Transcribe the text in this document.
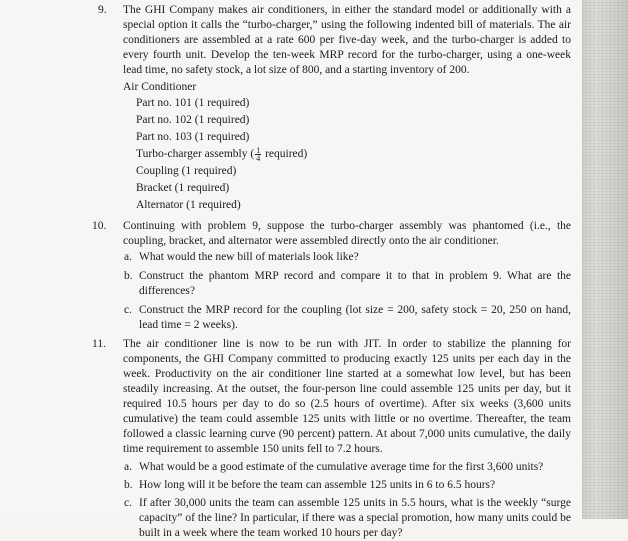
9. The GHI Company makes air conditioners, in either the standard model or additionally with a special option it calls the “turbo-charger,” using the following indented bill of materials. The air conditioners are assembled at a rate 600 per five-day week, and the turbo-charger is added to every fourth unit. Develop the ten-week MRP record for the turbo-charger, using a one-week lead time, no safety stock, a lot size of 800, and a starting inventory of 200.
Air Conditioner
Part no. 101 (1 required)
Part no. 102 (1 required)
Part no. 103 (1 required)
Turbo-charger assembly ( $\frac{1}{4}$ required)
Coupling (1 required)
Bracket (1 required)
Alternator (1 required)
10. Continuing with problem 9, suppose the turbo-charger assembly was phantomed (i.e., the coupling, bracket, and alternator were assembled directly onto the air conditioner.
a. What would the new bill of materials look like?
b. Construct the phantom MRP record and compare it to that in problem 9. What are the differences?
c. Construct the MRP record for the coupling (lot size = 200, safety stock = 20, 250 on hand, lead time = 2 weeks).
11. The air conditioner line is now to be run with JIT. In order to stabilize the planning for components, the GHI Company committed to producing exactly 125 units per each day in the week. Productivity on the air conditioner line started at a somewhat low level, but has been steadily increasing. At the outset, the four-person line could assemble 125 units per day, but it required 10.5 hours per day to do so (2.5 hours of overtime). After six weeks (3,600 units cumulative) the team could assemble 125 units with little or no overtime. Thereafter, the team followed a classic learning curve (90 percent) pattern. At about 7,000 units cumulative, the daily time requirement to assemble 150 units fell to 7.2 hours.
a. What would be a good estimate of the cumulative average time for the first 3,600 units?
b. How long will it be before the team can assemble 125 units in 6 to 6.5 hours?
c. If after 30,000 units the team can assemble 125 units in 5.5 hours, what is the weekly “surge capacity” of the line? In particular, if there was a special promotion, how many units could be built in a week where the team worked 10 hours per day?
